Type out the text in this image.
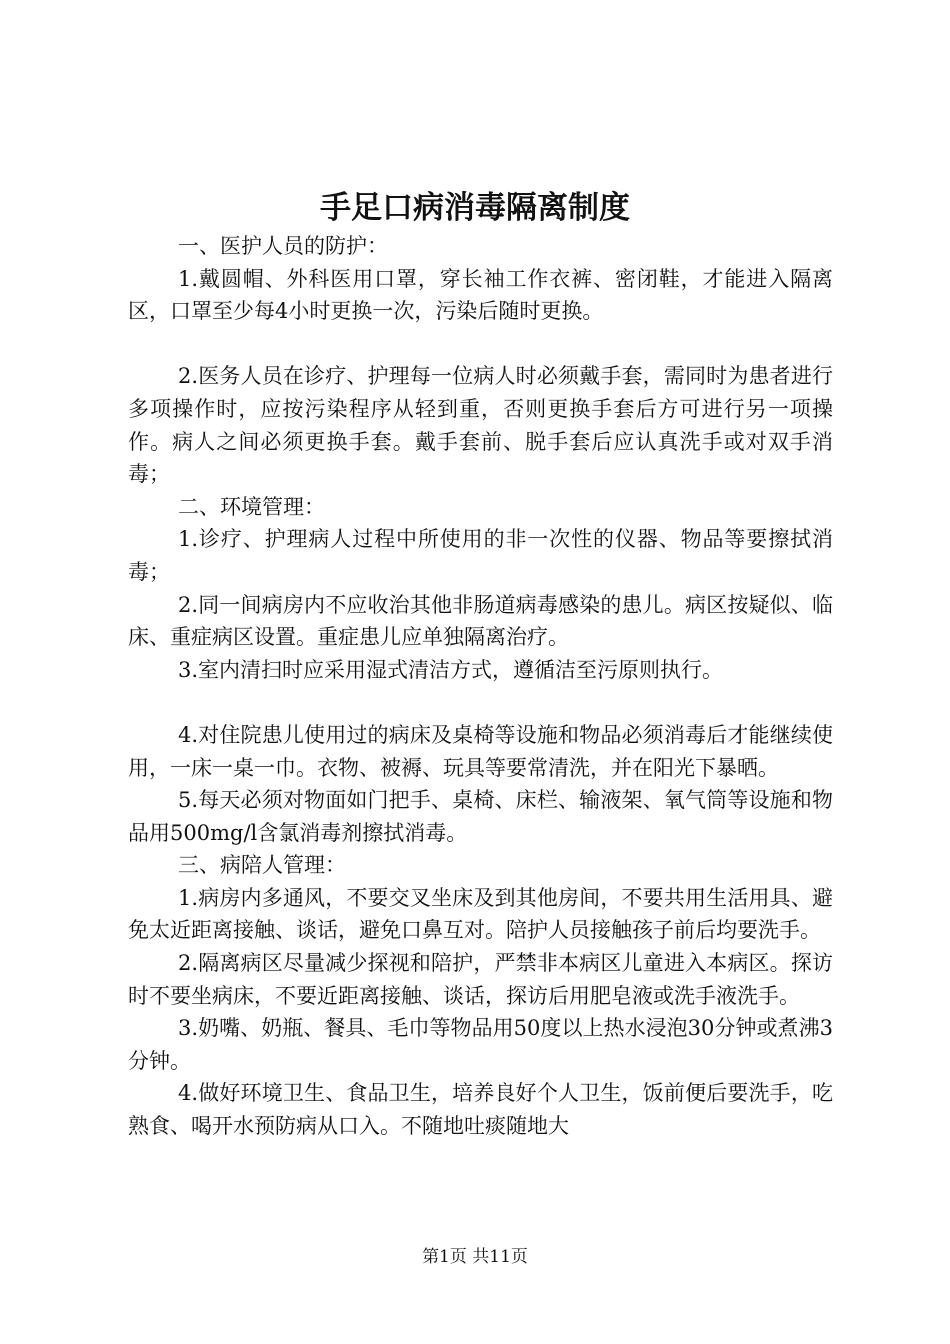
手足口病消毒隔离制度

一、医护人员的防护：

1.戴圆帽、外科医用口罩，穿长袖工作衣裤、密闭鞋，才能进入隔离区，口罩至少每4小时更换一次，污染后随时更换。

2.医务人员在诊疗、护理每一位病人时必须戴手套，需同时为患者进行多项操作时，应按污染程序从轻到重，否则更换手套后方可进行另一项操作。病人之间必须更换手套。戴手套前、脱手套后应认真洗手或对双手消毒；

二、环境管理：

1.诊疗、护理病人过程中所使用的非一次性的仪器、物品等要擦拭消毒；

2.同一间病房内不应收治其他非肠道病毒感染的患儿。病区按疑似、临床、重症病区设置。重症患儿应单独隔离治疗。

3.室内清扫时应采用湿式清洁方式，遵循洁至污原则执行。

4.对住院患儿使用过的病床及桌椅等设施和物品必须消毒后才能继续使用，一床一桌一巾。衣物、被褥、玩具等要常清洗，并在阳光下暴晒。

5.每天必须对物面如门把手、桌椅、床栏、输液架、氧气筒等设施和物品用500mg/l含氯消毒剂擦拭消毒。

三、病陪人管理：

1.病房内多通风，不要交叉坐床及到其他房间，不要共用生活用具、避免太近距离接触、谈话，避免口鼻互对。陪护人员接触孩子前后均要洗手。

2.隔离病区尽量减少探视和陪护，严禁非本病区儿童进入本病区。探访时不要坐病床，不要近距离接触、谈话，探访后用肥皂液或洗手液洗手。

3.奶嘴、奶瓶、餐具、毛巾等物品用50度以上热水浸泡30分钟或煮沸3分钟。

4.做好环境卫生、食品卫生，培养良好个人卫生，饭前便后要洗手，吃熟食、喝开水预防病从口入。不随地吐痰随地大

第1页 共11页
